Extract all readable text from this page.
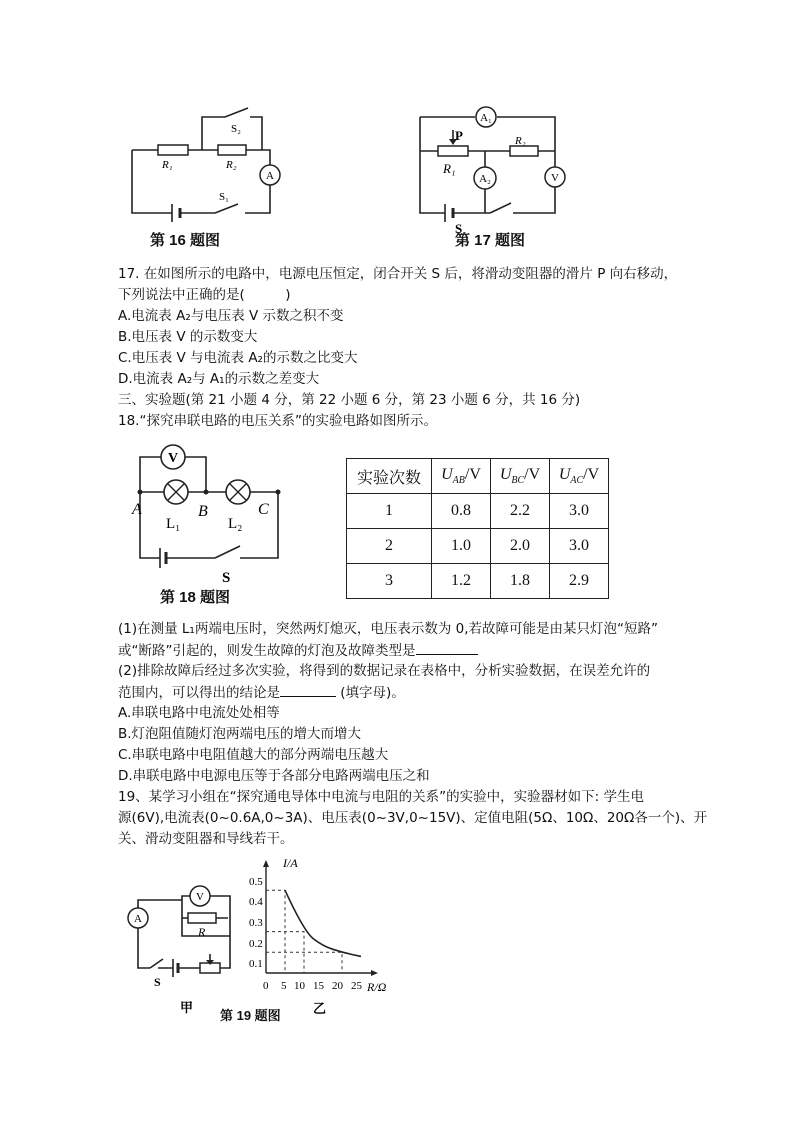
A
S₂
R₁	R₂
S₁
第 16 题图
A₁
A₂	V
P	R₂
R₁
S
第 17 题图
17. 在如图所示的电路中，电源电压恒定，闭合开关 S 后，将滑动变阻器的滑片 P 向右移动，
下列说法中正确的是(　　　)
A.电流表 A₂与电压表 V 示数之积不变
B.电压表 V 的示数变大
C.电压表 V 与电流表 A₂的示数之比变大
D.电流表 A₂与 A₁的示数之差变大
三、实验题(第 21 小题 4 分，第 22 小题 6 分，第 23 小题 6 分，共 16 分)
18.“探究串联电路的电压关系”的实验电路如图所示。
V
A	B	C
L₁	L₂
S
第 18 题图
实验次数	$U_{AB}/V$	$U_{BC}/V$	$U_{AC}/V$
1	0.8	2.2	3.0
2	1.0	2.0	3.0
3	1.2	1.8	2.9
(1)在测量 L₁两端电压时，突然两灯熄灭，电压表示数为 0,若故障可能是由某只灯泡“短路”
或“断路”引起的，则发生故障的灯泡及故障类型是
(2)排除故障后经过多次实验，将得到的数据记录在表格中，分析实验数据，在误差允许的
范围内，可以得出的结论是	(填字母)。
A.串联电路中电流处处相等
B.灯泡阻值随灯泡两端电压的增大而增大
C.串联电路中电阻值越大的部分两端电压越大
D.串联电路中电源电压等于各部分电路两端电压之和
19、某学习小组在“探究通电导体中电流与电阻的关系”的实验中，实验器材如下: 学生电
源(6V),电流表(0~0.6A,0~3A)、电压表(0~3V,0~15V)、定值电阻(5Ω、10Ω、20Ω各一个)、开
关、滑动变阻器和导线若干。
A
V
R
S
甲
第 19 题图
I/A
R/Ω
0.5
0.4
0.3
0.2
0.1
0 5 10 15 20 25
乙
